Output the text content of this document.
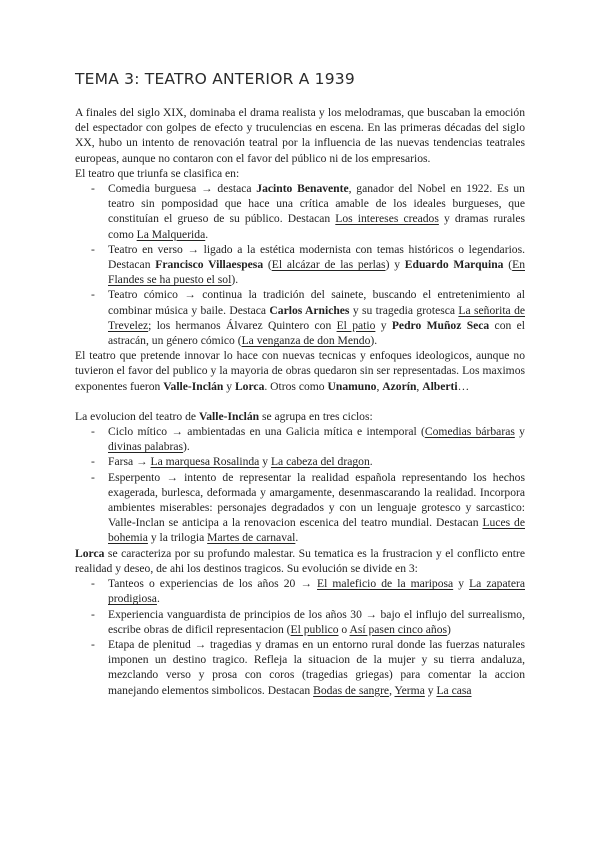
TEMA 3: TEATRO ANTERIOR A 1939

A finales del siglo XIX, dominaba el drama realista y los melodramas, que buscaban la emoción del espectador con golpes de efecto y truculencias en escena. En las primeras décadas del siglo XX, hubo un intento de renovación teatral por la influencia de las nuevas tendencias teatrales europeas, aunque no contaron con el favor del público ni de los empresarios.

El teatro que triunfa se clasifica en:

- Comedia burguesa → destaca Jacinto Benavente, ganador del Nobel en 1922. Es un teatro sin pomposidad que hace una crítica amable de los ideales burgueses, que constituían el grueso de su público. Destacan Los intereses creados y dramas rurales como La Malquerida.
- Teatro en verso → ligado a la estética modernista con temas históricos o legendarios. Destacan Francisco Villaespesa (El alcázar de las perlas) y Eduardo Marquina (En Flandes se ha puesto el sol).
- Teatro cómico → continua la tradición del sainete, buscando el entretenimiento al combinar música y baile. Destaca Carlos Arniches y su tragedia grotesca La señorita de Trevelez; los hermanos Álvarez Quintero con El patio y Pedro Muñoz Seca con el astracán, un género cómico (La venganza de don Mendo).

El teatro que pretende innovar lo hace con nuevas tecnicas y enfoques ideologicos, aunque no tuvieron el favor del publico y la mayoria de obras quedaron sin ser representadas. Los maximos exponentes fueron Valle-Inclán y Lorca. Otros como Unamuno, Azorín, Alberti…

La evolucion del teatro de Valle-Inclán se agrupa en tres ciclos:

- Ciclo mítico → ambientadas en una Galicia mítica e intemporal (Comedias bárbaras y divinas palabras).
- Farsa → La marquesa Rosalinda y La cabeza del dragon.
- Esperpento → intento de representar la realidad española representando los hechos exagerada, burlesca, deformada y amargamente, desenmascarando la realidad. Incorpora ambientes miserables: personajes degradados y con un lenguaje grotesco y sarcastico: Valle-Inclan se anticipa a la renovacion escenica del teatro mundial. Destacan Luces de bohemia y la trilogia Martes de carnaval.

Lorca se caracteriza por su profundo malestar. Su tematica es la frustracion y el conflicto entre realidad y deseo, de ahi los destinos tragicos. Su evolución se divide en 3:

- Tanteos o experiencias de los años 20 → El maleficio de la mariposa y La zapatera prodigiosa.
- Experiencia vanguardista de principios de los años 30 → bajo el influjo del surrealismo, escribe obras de dificil representacion (El publico o Así pasen cinco años)
- Etapa de plenitud → tragedias y dramas en un entorno rural donde las fuerzas naturales imponen un destino tragico. Refleja la situacion de la mujer y su tierra andaluza, mezclando verso y prosa con coros (tragedias griegas) para comentar la accion manejando elementos simbolicos. Destacan Bodas de sangre, Yerma y La casa
